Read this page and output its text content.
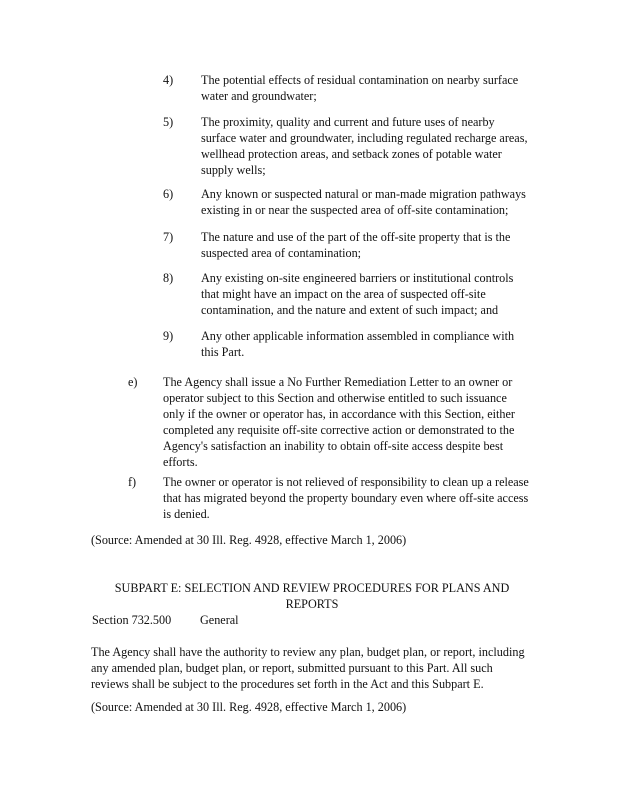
4) The potential effects of residual contamination on nearby surface
water and groundwater;
5) The proximity, quality and current and future uses of nearby
surface water and groundwater, including regulated recharge areas,
wellhead protection areas, and setback zones of potable water
supply wells;
6) Any known or suspected natural or man-made migration pathways
existing in or near the suspected area of off-site contamination;
7) The nature and use of the part of the off-site property that is the
suspected area of contamination;
8) Any existing on-site engineered barriers or institutional controls
that might have an impact on the area of suspected off-site
contamination, and the nature and extent of such impact; and
9) Any other applicable information assembled in compliance with
this Part.
e) The Agency shall issue a No Further Remediation Letter to an owner or
operator subject to this Section and otherwise entitled to such issuance
only if the owner or operator has, in accordance with this Section, either
completed any requisite off-site corrective action or demonstrated to the
Agency's satisfaction an inability to obtain off-site access despite best
efforts.
f) The owner or operator is not relieved of responsibility to clean up a release
that has migrated beyond the property boundary even where off-site access
is denied.
(Source: Amended at 30 Ill. Reg. 4928, effective March 1, 2006)
SUBPART E: SELECTION AND REVIEW PROCEDURES FOR PLANS AND
REPORTS
Section 732.500 General
The Agency shall have the authority to review any plan, budget plan, or report, including
any amended plan, budget plan, or report, submitted pursuant to this Part. All such
reviews shall be subject to the procedures set forth in the Act and this Subpart E.
(Source: Amended at 30 Ill. Reg. 4928, effective March 1, 2006)
